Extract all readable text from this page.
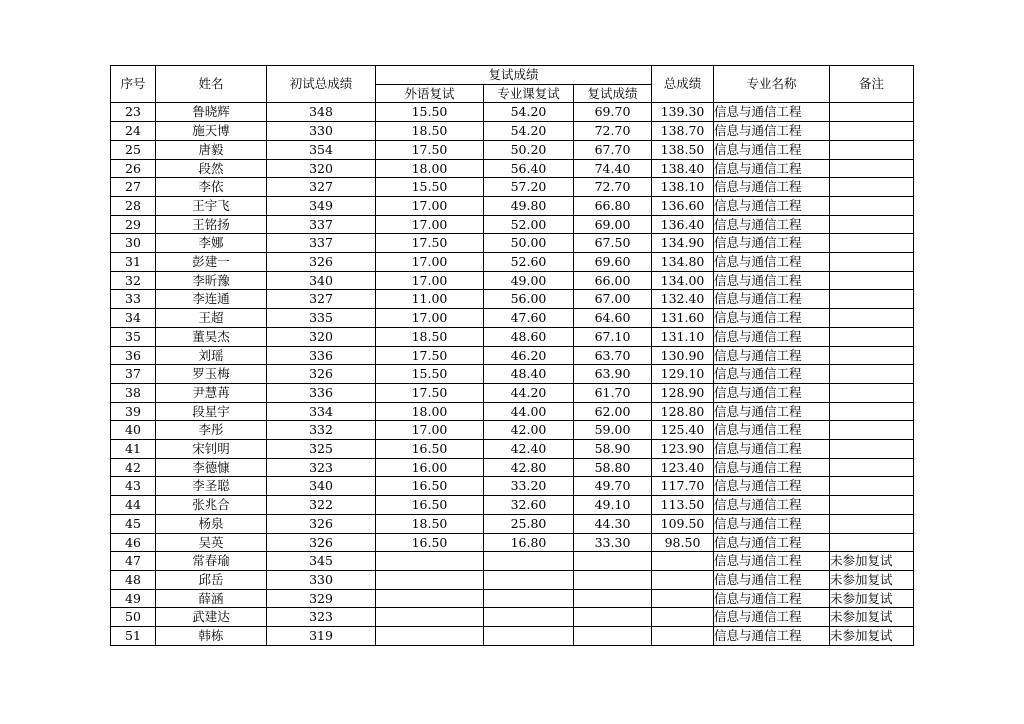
序号	姓名	初试总成绩	复试成绩			总成绩	专业名称	备注
			外语复试	专业课复试	复试成绩			
23	鲁晓辉	348	15.50	54.20	69.70	139.30	信息与通信工程	
24	施天博	330	18.50	54.20	72.70	138.70	信息与通信工程	
25	唐毅	354	17.50	50.20	67.70	138.50	信息与通信工程	
26	段然	320	18.00	56.40	74.40	138.40	信息与通信工程	
27	李依	327	15.50	57.20	72.70	138.10	信息与通信工程	
28	王宇飞	349	17.00	49.80	66.80	136.60	信息与通信工程	
29	王铭扬	337	17.00	52.00	69.00	136.40	信息与通信工程	
30	李娜	337	17.50	50.00	67.50	134.90	信息与通信工程	
31	彭建一	326	17.00	52.60	69.60	134.80	信息与通信工程	
32	李昕豫	340	17.00	49.00	66.00	134.00	信息与通信工程	
33	李连通	327	11.00	56.00	67.00	132.40	信息与通信工程	
34	王超	335	17.00	47.60	64.60	131.60	信息与通信工程	
35	董昊杰	320	18.50	48.60	67.10	131.10	信息与通信工程	
36	刘瑶	336	17.50	46.20	63.70	130.90	信息与通信工程	
37	罗玉梅	326	15.50	48.40	63.90	129.10	信息与通信工程	
38	尹慧苒	336	17.50	44.20	61.70	128.90	信息与通信工程	
39	段星宇	334	18.00	44.00	62.00	128.80	信息与通信工程	
40	李彤	332	17.00	42.00	59.00	125.40	信息与通信工程	
41	宋钊明	325	16.50	42.40	58.90	123.90	信息与通信工程	
42	李德慷	323	16.00	42.80	58.80	123.40	信息与通信工程	
43	李圣聪	340	16.50	33.20	49.70	117.70	信息与通信工程	
44	张兆合	322	16.50	32.60	49.10	113.50	信息与通信工程	
45	杨泉	326	18.50	25.80	44.30	109.50	信息与通信工程	
46	吴英	326	16.50	16.80	33.30	98.50	信息与通信工程	
47	常春瑜	345					信息与通信工程	未参加复试
48	邱岳	330					信息与通信工程	未参加复试
49	薛涵	329					信息与通信工程	未参加复试
50	武建达	323					信息与通信工程	未参加复试
51	韩栋	319					信息与通信工程	未参加复试
